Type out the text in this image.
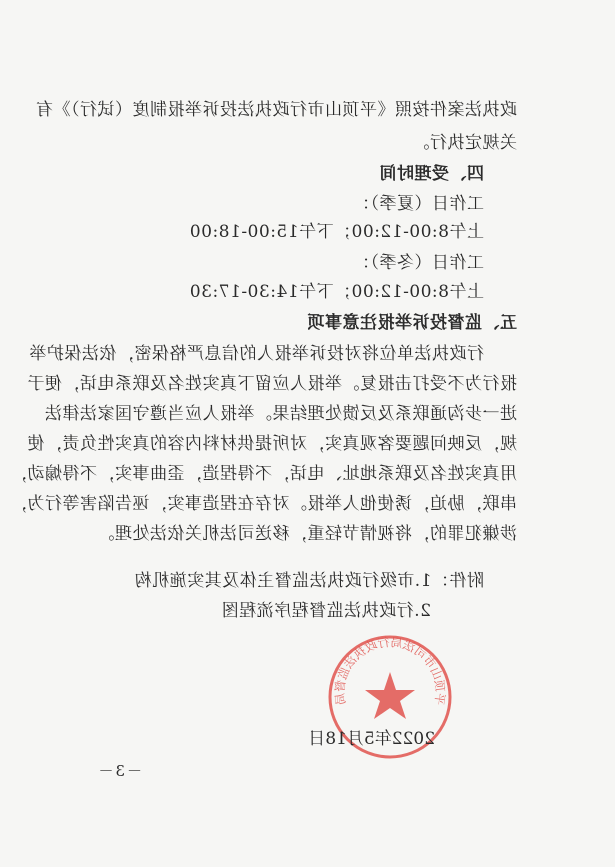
政执法案件按照《平顶山市行政执法投诉举报制度（试行）》有
关规定执行。
四、受理时间
工作日（夏季）：
上午8:00-12:00；下午15:00-18:00
工作日（冬季）：
上午8:00-12:00；下午14:30-17:30
五、监督投诉举报注意事项
行政执法单位将对投诉举报人的信息严格保密，依法保护举
报行为不受打击报复。举报人应留下真实姓名及联系电话，便于
进一步沟通联系及反馈处理结果。举报人应当遵守国家法律法
规，反映问题要客观真实，对所提供材料内容的真实性负责，使
用真实姓名及联系地址、电话，不得捏造，歪曲事实，不得煽动，
串联，胁迫，诱使他人举报。对存在捏造事实，诬告陷害等行为，
涉嫌犯罪的，将视情节轻重，移送司法机关依法处理。
附件：1.市级行政执法监督主体及其实施机构
2.行政执法监督程序流程图
平顶山市司法局行政执法监督局
2022年5月18日
－3－
